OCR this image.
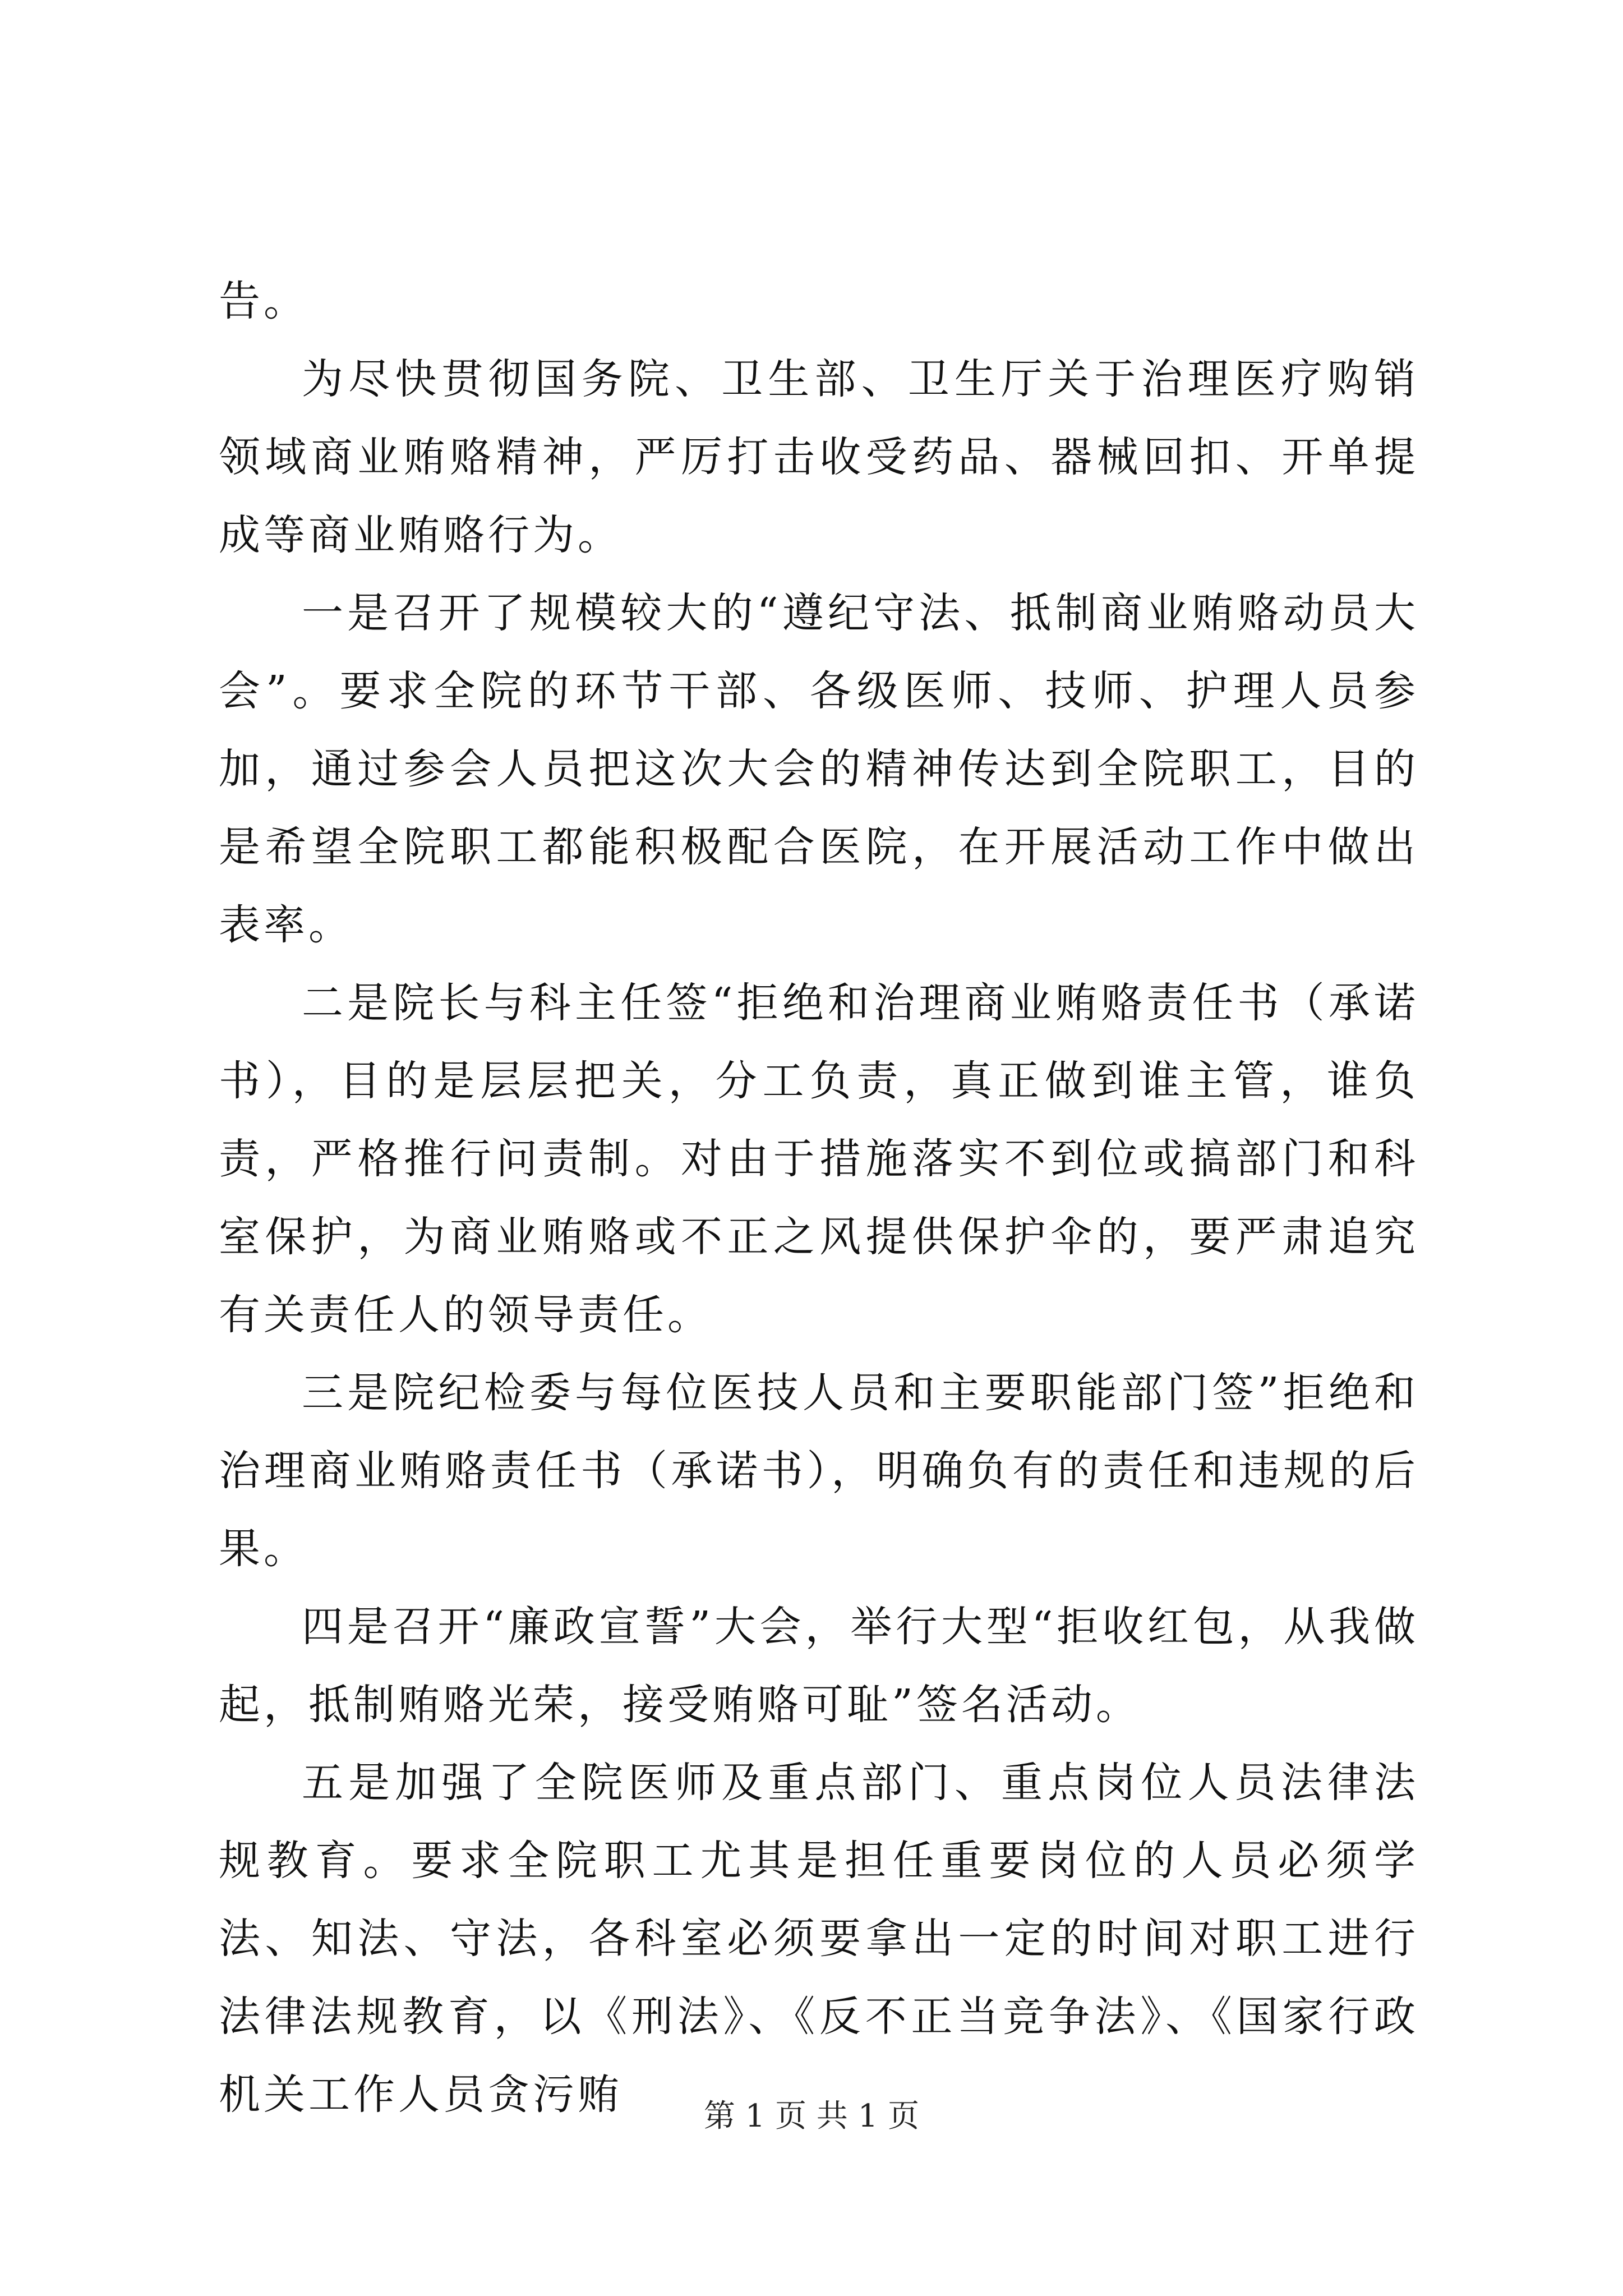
告。

为尽快贯彻国务院、卫生部、卫生厅关于治理医疗购销领域商业贿赂精神，严厉打击收受药品、器械回扣、开单提成等商业贿赂行为。

一是召开了规模较大的“遵纪守法、抵制商业贿赂动员大会”。要求全院的环节干部、各级医师、技师、护理人员参加，通过参会人员把这次大会的精神传达到全院职工，目的是希望全院职工都能积极配合医院，在开展活动工作中做出表率。

二是院长与科主任签“拒绝和治理商业贿赂责任书（承诺书），目的是层层把关，分工负责，真正做到谁主管，谁负责，严格推行问责制。对由于措施落实不到位或搞部门和科室保护，为商业贿赂或不正之风提供保护伞的，要严肃追究有关责任人的领导责任。

三是院纪检委与每位医技人员和主要职能部门签”拒绝和治理商业贿赂责任书（承诺书），明确负有的责任和违规的后果。

四是召开“廉政宣誓”大会，举行大型“拒收红包，从我做起，抵制贿赂光荣，接受贿赂可耻”签名活动。

五是加强了全院医师及重点部门、重点岗位人员法律法规教育。要求全院职工尤其是担任重要岗位的人员必须学法、知法、守法，各科室必须要拿出一定的时间对职工进行法律法规教育，以《刑法》、《反不正当竞争法》、《国家行政机关工作人员贪污贿	第 1 页 共 1 页
